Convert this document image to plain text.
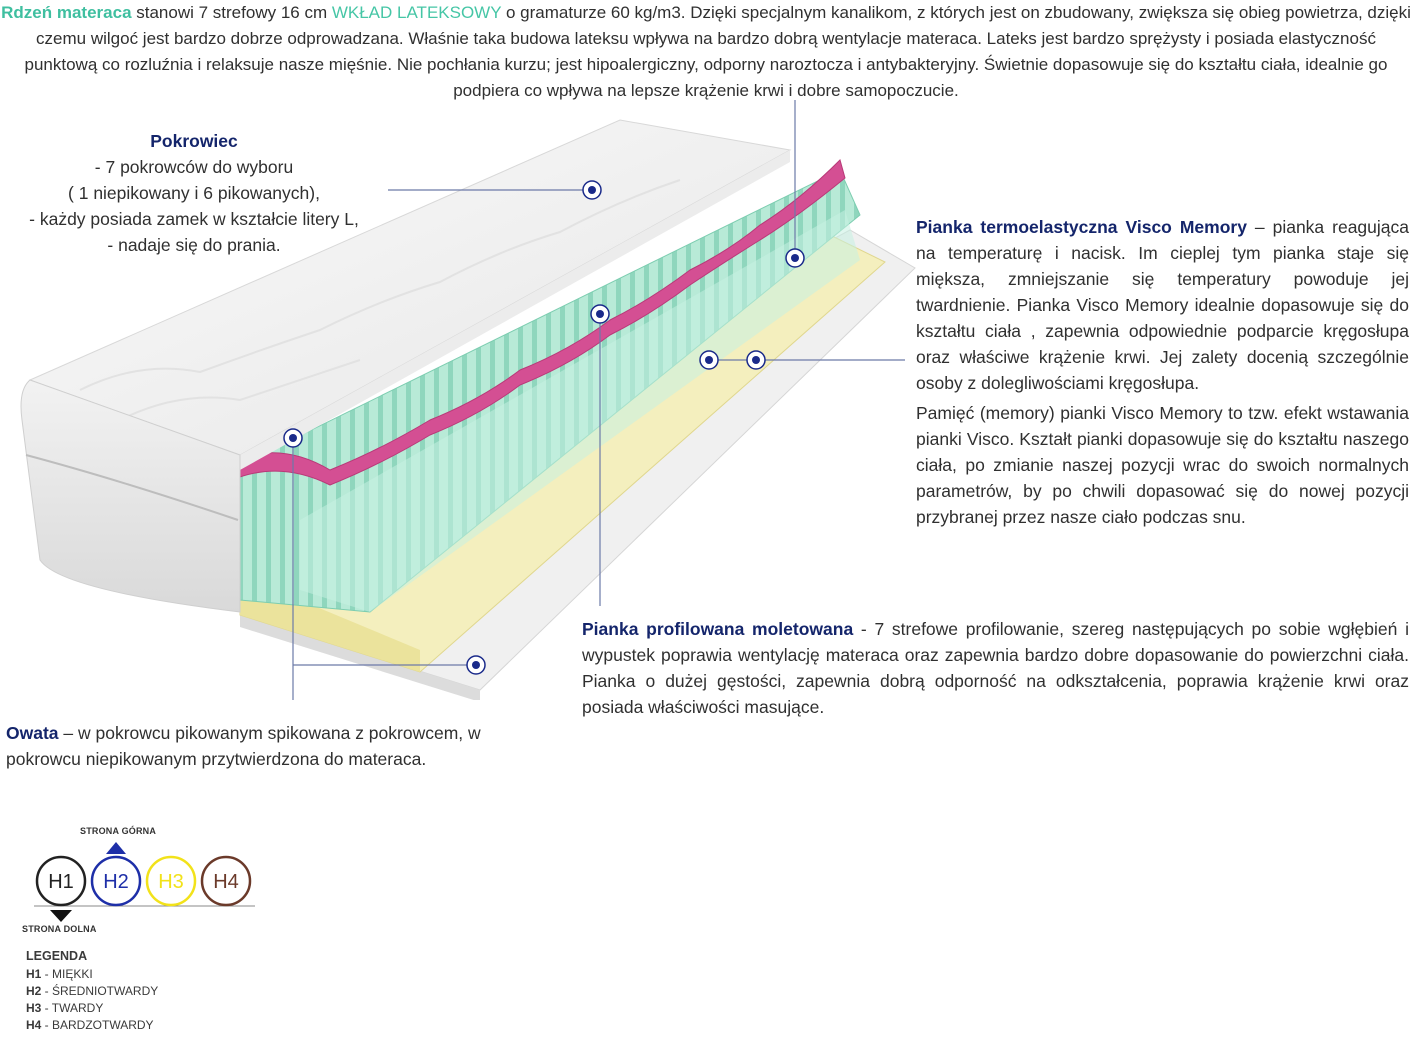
Rdzeń materaca stanowi 7 strefowy 16 cm WKŁAD LATEKSOWY o gramaturze 60 kg/m3. Dzięki specjalnym kanalikom, z których jest on zbudowany, zwiększa się obieg powietrza, dzięki czemu wilgoć jest bardzo dobrze odprowadzana. Właśnie taka budowa lateksu wpływa na bardzo dobrą wentylacje materaca. Lateks jest bardzo sprężysty i posiada elastyczność punktową co rozluźnia i relaksuje nasze mięśnie. Nie pochłania kurzu; jest hipoalergiczny, odporny naroztocza i antybakteryjny. Świetnie dopasowuje się do kształtu ciała, idealnie go podpiera co wpływa na lepsze krążenie krwi i dobre samopoczucie.
Pokrowiec
- 7 pokrowców do wyboru
( 1 niepikowany i 6 pikowanych),
- każdy posiada zamek w kształcie litery L,
- nadaje się do prania.

Pianka termoelastyczna Visco Memory – pianka reagująca na temperaturę i nacisk. Im cieplej tym pianka staje się miększa, zmniejszanie się temperatury powoduje jej twardnienie. Pianka Visco Memory idealnie dopasowuje się do kształtu ciała , zapewnia odpowiednie podparcie kręgosłupa oraz właściwe krążenie krwi. Jej zalety docenią szczególnie osoby z dolegliwościami kręgosłupa.

Pamięć (memory) pianki Visco Memory to tzw. efekt wstawania pianki Visco. Kształt pianki dopasowuje się do kształtu naszego ciała, po zmianie naszej pozycji wrac do swoich normalnych parametrów, by po chwili dopasować się do nowej pozycji przybranej przez nasze ciało podczas snu.

Pianka profilowana moletowana - 7 strefowe profilowanie, szereg następujących po sobie wgłębień i wypustek poprawia wentylację materaca oraz zapewnia bardzo dobre dopasowanie do powierzchni ciała. Pianka o dużej gęstości, zapewnia dobrą odporność na odkształcenia, poprawia krążenie krwi oraz posiada właściwości masujące.
Owata – w pokrowcu pikowanym spikowana z pokrowcem, w pokrowcu niepikowanym przytwierdzona do materaca.
STRONA GÓRNA
H1 H2 H3 H4
STRONA DOLNA
LEGENDA
H1 - MIĘKKI
H2 - ŚREDNIOTWARDY
H3 - TWARDY
H4 - BARDZOTWARDY
